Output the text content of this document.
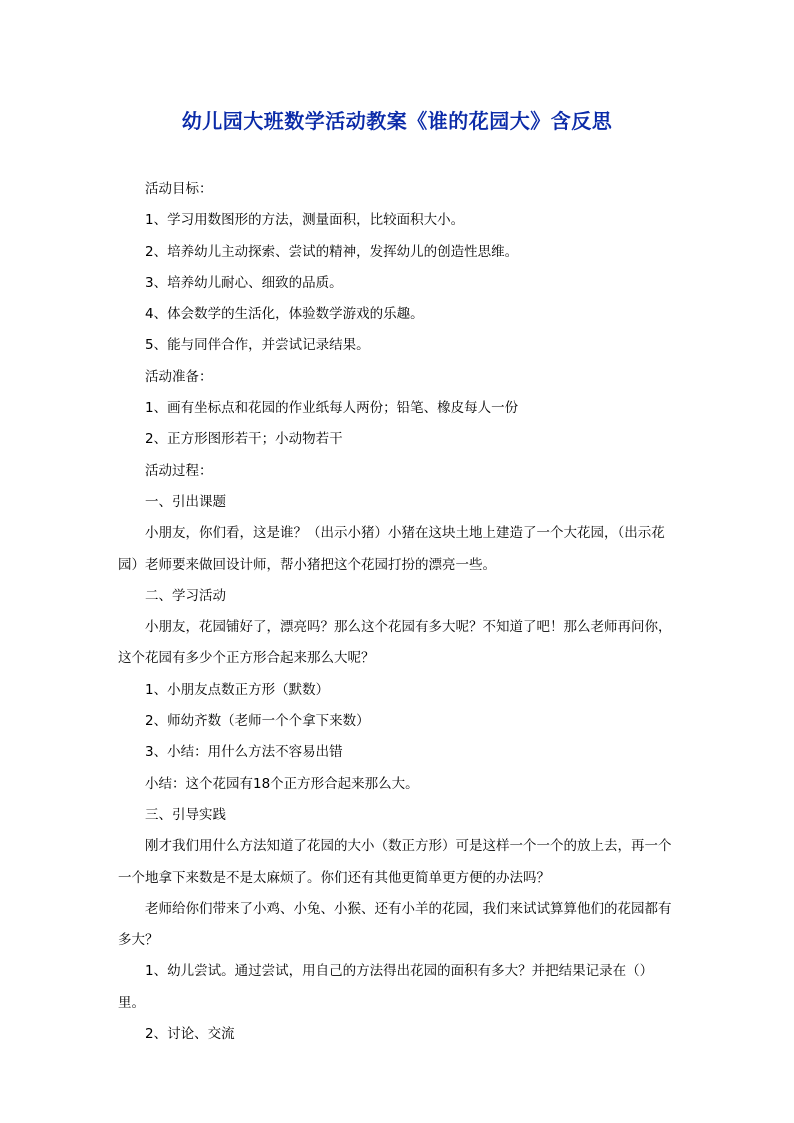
幼儿园大班数学活动教案《谁的花园大》含反思

活动目标：

1、学习用数图形的方法，测量面积，比较面积大小。

2、培养幼儿主动探索、尝试的精神，发挥幼儿的创造性思维。

3、培养幼儿耐心、细致的品质。

4、体会数学的生活化，体验数学游戏的乐趣。

5、能与同伴合作，并尝试记录结果。

活动准备：

1、画有坐标点和花园的作业纸每人两份；铅笔、橡皮每人一份

2、正方形图形若干；小动物若干

活动过程：

一、引出课题

小朋友，你们看，这是谁？（出示小猪）小猪在这块土地上建造了一个大花园，（出示花园）老师要来做回设计师，帮小猪把这个花园打扮的漂亮一些。

二、学习活动

小朋友，花园铺好了，漂亮吗？那么这个花园有多大呢？不知道了吧！那么老师再问你，这个花园有多少个正方形合起来那么大呢？

1、小朋友点数正方形（默数）

2、师幼齐数（老师一个个拿下来数）

3、小结：用什么方法不容易出错

小结：这个花园有18个正方形合起来那么大。

三、引导实践

刚才我们用什么方法知道了花园的大小（数正方形）可是这样一个一个的放上去，再一个一个地拿下来数是不是太麻烦了。你们还有其他更简单更方便的办法吗？

老师给你们带来了小鸡、小兔、小猴、还有小羊的花园，我们来试试算算他们的花园都有多大？

1、幼儿尝试。通过尝试，用自己的方法得出花园的面积有多大？并把结果记录在（）里。

2、讨论、交流
